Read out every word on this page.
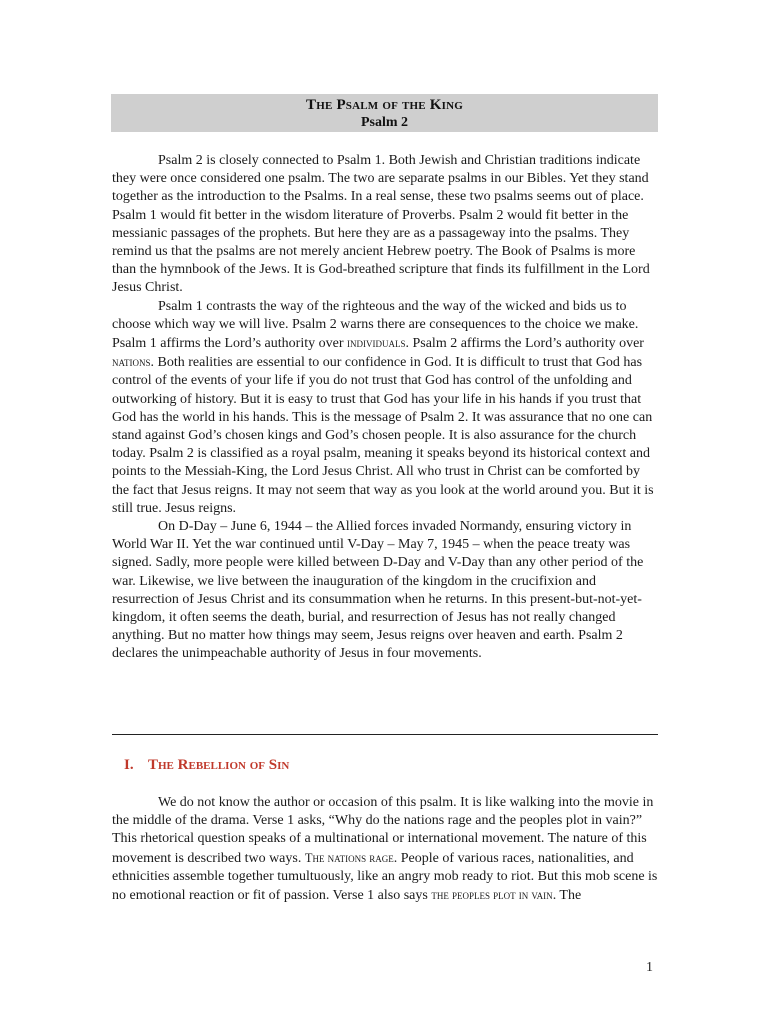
The Psalm of the King
Psalm 2

Psalm 2 is closely connected to Psalm 1. Both Jewish and Christian traditions indicate they were once considered one psalm. The two are separate psalms in our Bibles. Yet they stand together as the introduction to the Psalms. In a real sense, these two psalms seems out of place. Psalm 1 would fit better in the wisdom literature of Proverbs. Psalm 2 would fit better in the messianic passages of the prophets. But here they are as a passageway into the psalms. They remind us that the psalms are not merely ancient Hebrew poetry. The Book of Psalms is more than the hymnbook of the Jews. It is God-breathed scripture that finds its fulfillment in the Lord Jesus Christ.

Psalm 1 contrasts the way of the righteous and the way of the wicked and bids us to choose which way we will live. Psalm 2 warns there are consequences to the choice we make. Psalm 1 affirms the Lord’s authority over individuals. Psalm 2 affirms the Lord’s authority over nations. Both realities are essential to our confidence in God. It is difficult to trust that God has control of the events of your life if you do not trust that God has control of the unfolding and outworking of history. But it is easy to trust that God has your life in his hands if you trust that God has the world in his hands. This is the message of Psalm 2. It was assurance that no one can stand against God’s chosen kings and God’s chosen people. It is also assurance for the church today. Psalm 2 is classified as a royal psalm, meaning it speaks beyond its historical context and points to the Messiah-King, the Lord Jesus Christ. All who trust in Christ can be comforted by the fact that Jesus reigns. It may not seem that way as you look at the world around you. But it is still true. Jesus reigns.

On D-Day – June 6, 1944 – the Allied forces invaded Normandy, ensuring victory in World War II. Yet the war continued until V-Day – May 7, 1945 – when the peace treaty was signed. Sadly, more people were killed between D-Day and V-Day than any other period of the war. Likewise, we live between the inauguration of the kingdom in the crucifixion and resurrection of Jesus Christ and its consummation when he returns. In this present-but-not-yet-kingdom, it often seems the death, burial, and resurrection of Jesus has not really changed anything. But no matter how things may seem, Jesus reigns over heaven and earth. Psalm 2 declares the unimpeachable authority of Jesus in four movements.

I. The Rebellion of Sin

We do not know the author or occasion of this psalm. It is like walking into the movie in the middle of the drama. Verse 1 asks, “Why do the nations rage and the peoples plot in vain?” This rhetorical question speaks of a multinational or international movement. The nature of this movement is described two ways. The nations rage. People of various races, nationalities, and ethnicities assemble together tumultuously, like an angry mob ready to riot. But this mob scene is no emotional reaction or fit of passion. Verse 1 also says the peoples plot in vain. The

1
